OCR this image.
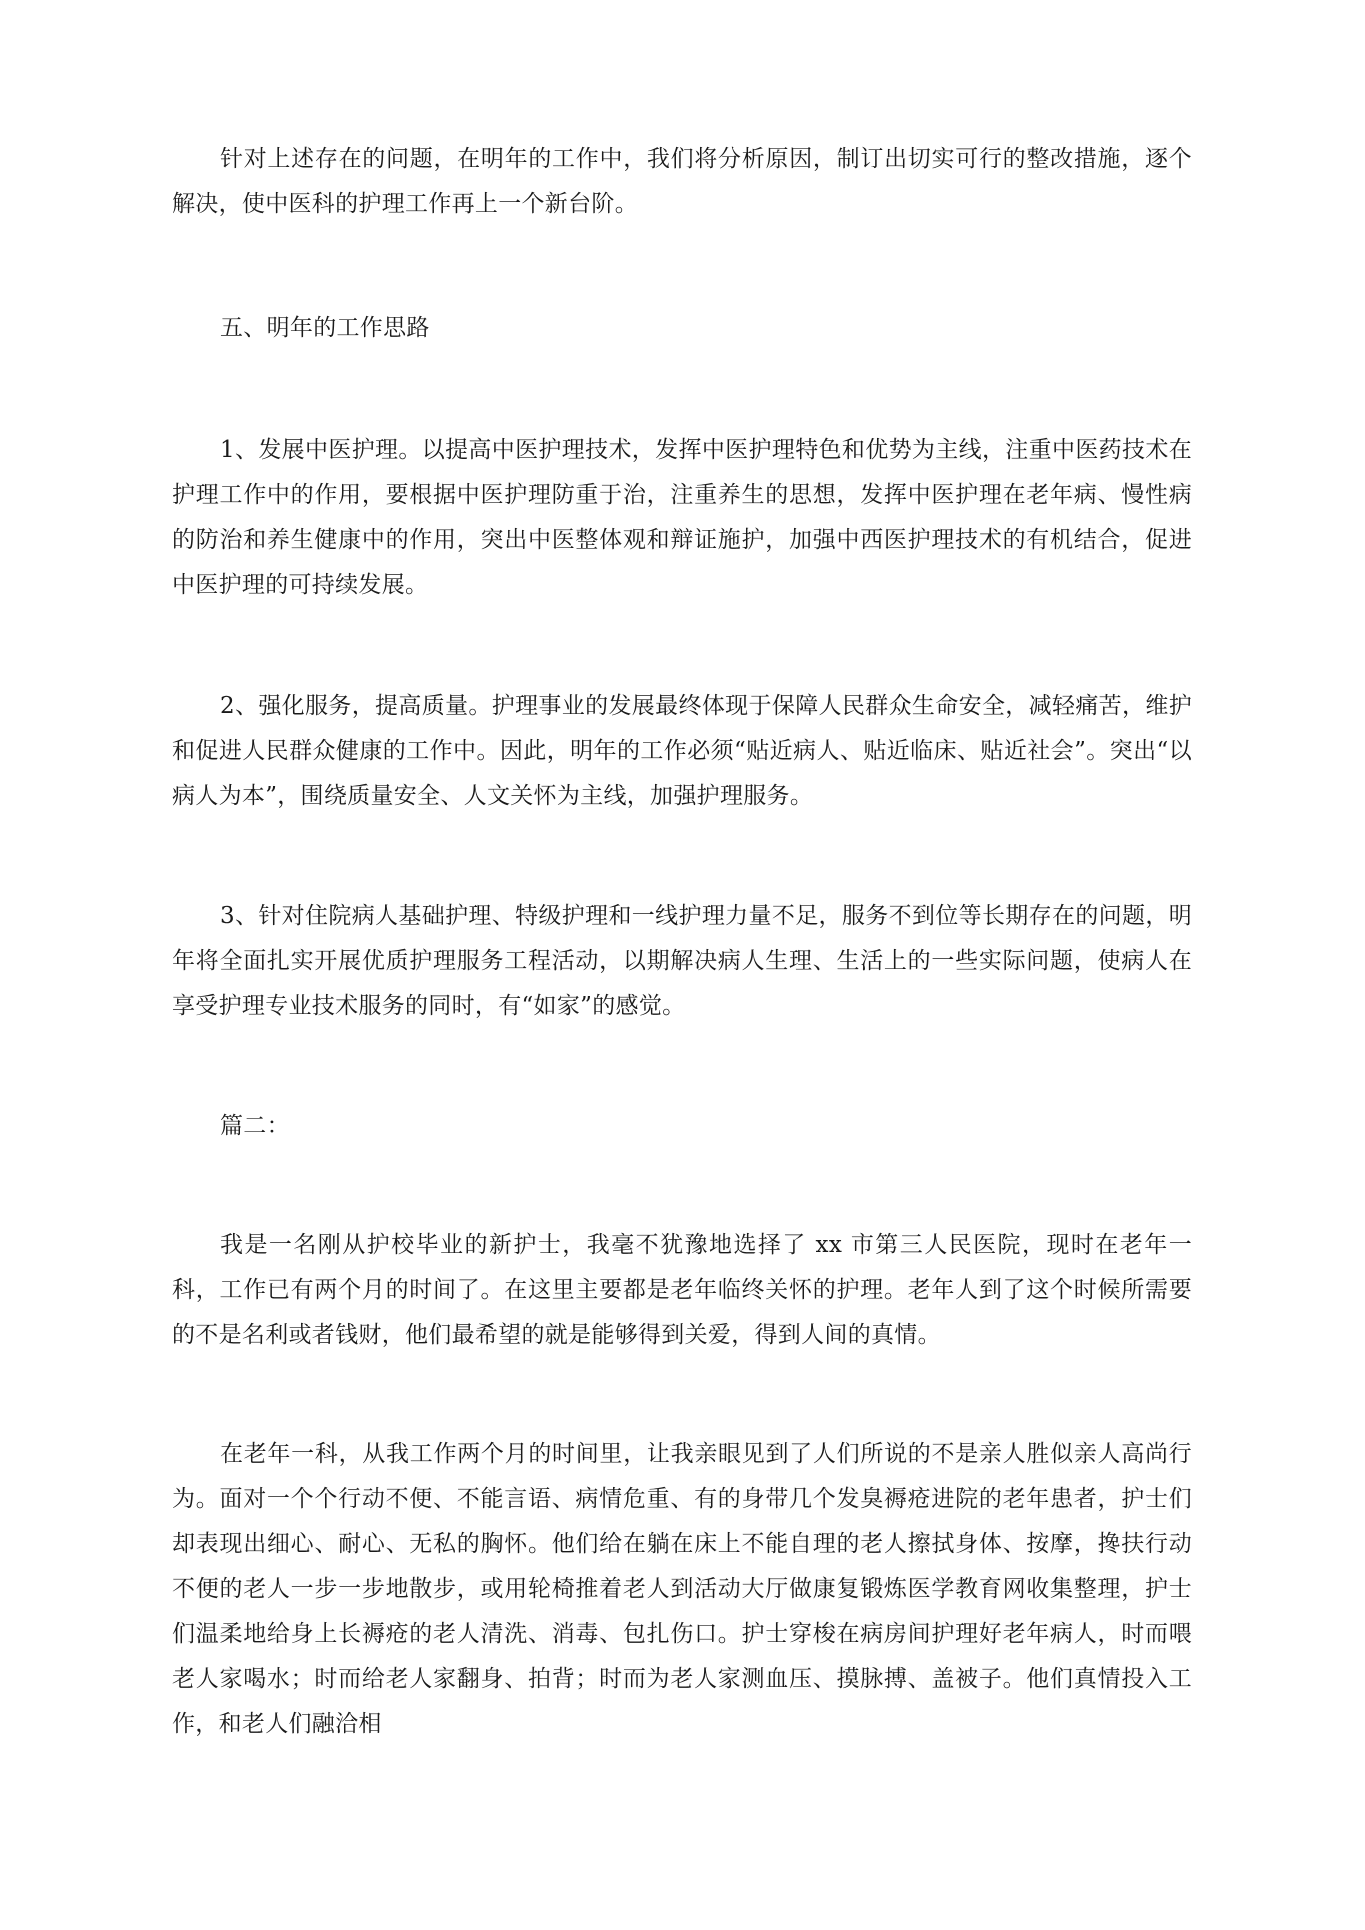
针对上述存在的问题，在明年的工作中，我们将分析原因，制订出切实可行的整改措施，逐个解决，使中医科的护理工作再上一个新台阶。

五、明年的工作思路

1、发展中医护理。以提高中医护理技术，发挥中医护理特色和优势为主线，注重中医药技术在护理工作中的作用，要根据中医护理防重于治，注重养生的思想，发挥中医护理在老年病、慢性病的防治和养生健康中的作用，突出中医整体观和辩证施护，加强中西医护理技术的有机结合，促进中医护理的可持续发展。

2、强化服务，提高质量。护理事业的发展最终体现于保障人民群众生命安全，减轻痛苦，维护和促进人民群众健康的工作中。因此，明年的工作必须“贴近病人、贴近临床、贴近社会”。突出“以病人为本”，围绕质量安全、人文关怀为主线，加强护理服务。

3、针对住院病人基础护理、特级护理和一线护理力量不足，服务不到位等长期存在的问题，明年将全面扎实开展优质护理服务工程活动，以期解决病人生理、生活上的一些实际问题，使病人在享受护理专业技术服务的同时，有“如家”的感觉。

篇二：

我是一名刚从护校毕业的新护士，我毫不犹豫地选择了 xx 市第三人民医院，现时在老年一科，工作已有两个月的时间了。在这里主要都是老年临终关怀的护理。老年人到了这个时候所需要的不是名利或者钱财，他们最希望的就是能够得到关爱，得到人间的真情。

在老年一科，从我工作两个月的时间里，让我亲眼见到了人们所说的不是亲人胜似亲人高尚行为。面对一个个行动不便、不能言语、病情危重、有的身带几个发臭褥疮进院的老年患者，护士们却表现出细心、耐心、无私的胸怀。他们给在躺在床上不能自理的老人擦拭身体、按摩，搀扶行动不便的老人一步一步地散步，或用轮椅推着老人到活动大厅做康复锻炼医学教育网收集整理，护士们温柔地给身上长褥疮的老人清洗、消毒、包扎伤口。护士穿梭在病房间护理好老年病人，时而喂老人家喝水；时而给老人家翻身、拍背；时而为老人家测血压、摸脉搏、盖被子。他们真情投入工作，和老人们融洽相
